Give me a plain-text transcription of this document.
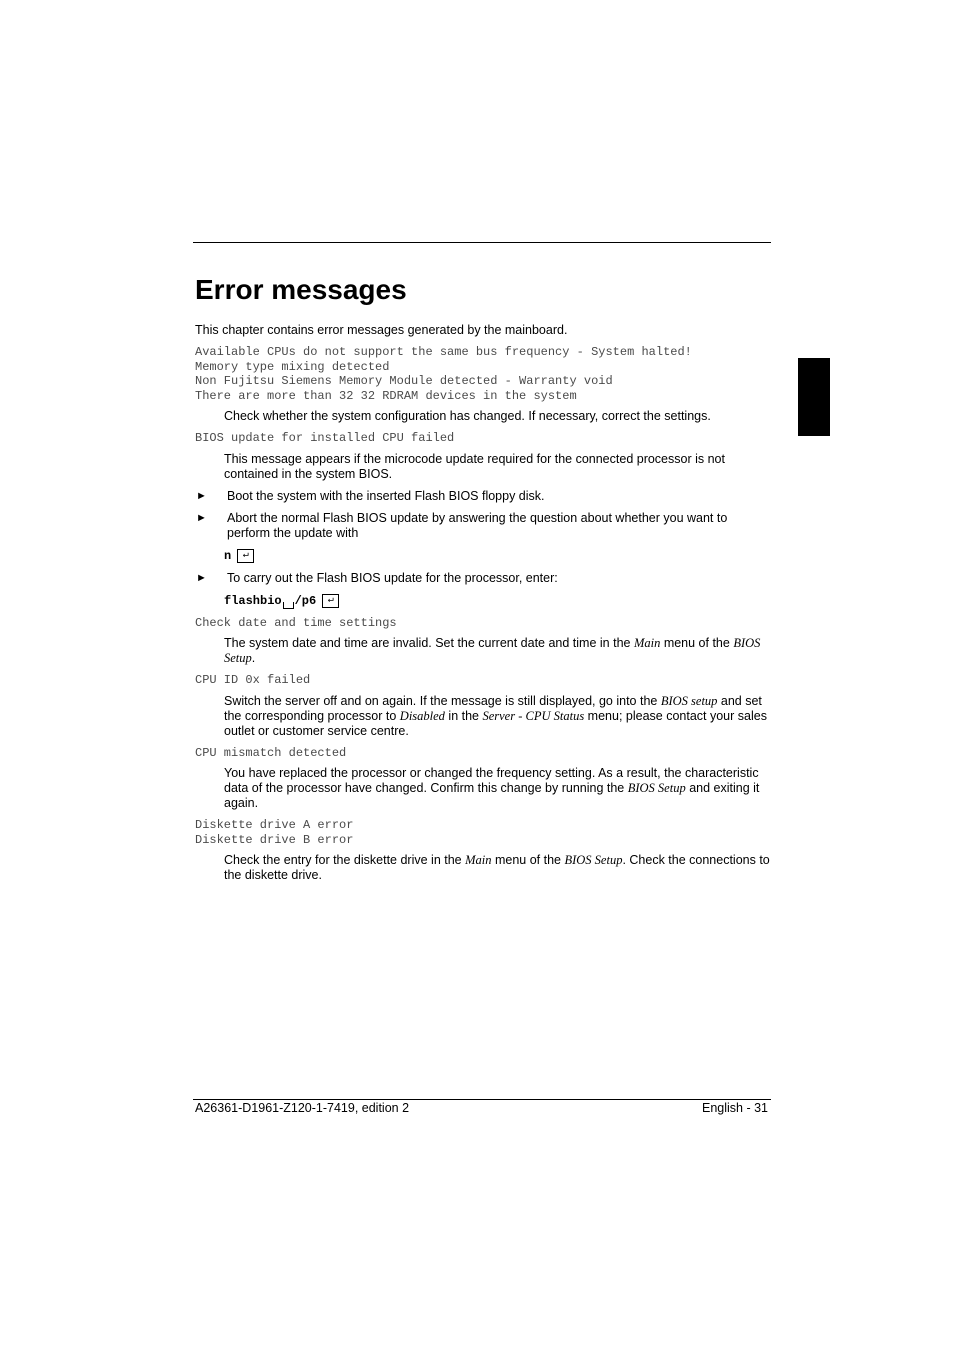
Error messages
This chapter contains error messages generated by the mainboard.
Available CPUs do not support the same bus frequency - System halted!
Memory type mixing detected
Non Fujitsu Siemens Memory Module detected - Warranty void
There are more than 32 32 RDRAM devices in the system
Check whether the system configuration has changed. If necessary, correct the settings.
BIOS update for installed CPU failed
This message appears if the microcode update required for the connected processor is not contained in the system BIOS.
► Boot the system with the inserted Flash BIOS floppy disk.
► Abort the normal Flash BIOS update by answering the question about whether you want to perform the update with
n	↵
► To carry out the Flash BIOS update for the processor, enter:
flashbio /p6	↵
Check date and time settings
The system date and time are invalid. Set the current date and time in the Main menu of the BIOS Setup.
CPU ID 0x failed
Switch the server off and on again. If the message is still displayed, go into the BIOS setup and set the corresponding processor to Disabled in the Server - CPU Status menu; please contact your sales outlet or customer service centre.
CPU mismatch detected
You have replaced the processor or changed the frequency setting. As a result, the characteristic data of the processor have changed. Confirm this change by running the BIOS Setup and exiting it again.
Diskette drive A error
Diskette drive B error
Check the entry for the diskette drive in the Main menu of the BIOS Setup. Check the connections to the diskette drive.
A26361-D1961-Z120-1-7419, edition 2	English - 31
